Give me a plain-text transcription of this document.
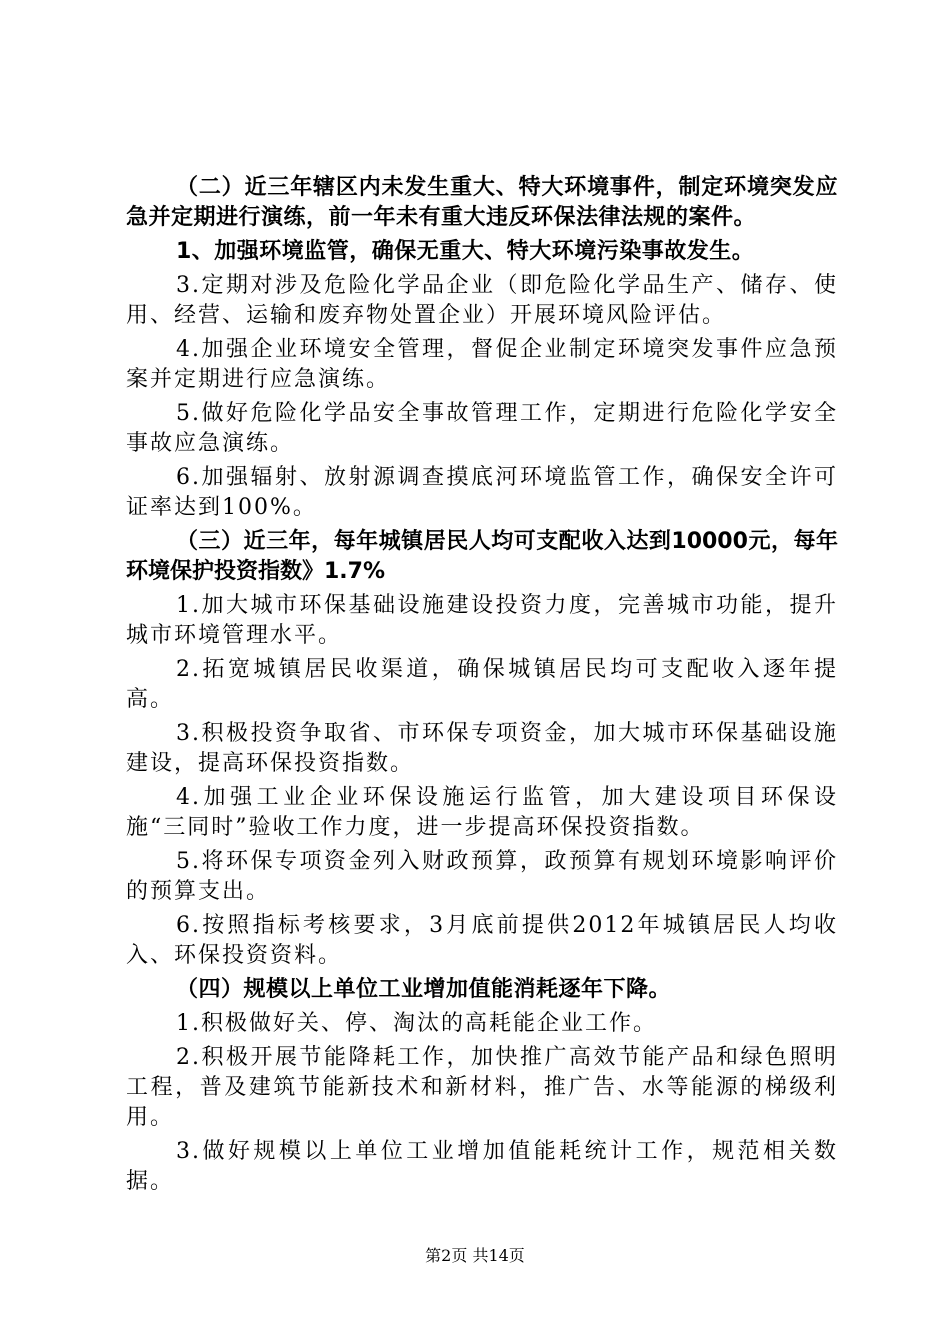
（二）近三年辖区内未发生重大、特大环境事件，制定环境突发应急并定期进行演练，前一年未有重大违反环保法律法规的案件。

1、加强环境监管，确保无重大、特大环境污染事故发生。

3.定期对涉及危险化学品企业（即危险化学品生产、储存、使用、经营、运输和废弃物处置企业）开展环境风险评估。

4.加强企业环境安全管理，督促企业制定环境突发事件应急预案并定期进行应急演练。

5.做好危险化学品安全事故管理工作，定期进行危险化学安全事故应急演练。

6.加强辐射、放射源调查摸底河环境监管工作，确保安全许可证率达到100%。

（三）近三年，每年城镇居民人均可支配收入达到10000元，每年环境保护投资指数》1.7%

1.加大城市环保基础设施建设投资力度，完善城市功能，提升城市环境管理水平。

2.拓宽城镇居民收渠道，确保城镇居民均可支配收入逐年提高。

3.积极投资争取省、市环保专项资金，加大城市环保基础设施建设，提高环保投资指数。

4.加强工业企业环保设施运行监管，加大建设项目环保设施“三同时”验收工作力度，进一步提高环保投资指数。

5.将环保专项资金列入财政预算，政预算有规划环境影响评价的预算支出。

6.按照指标考核要求，3月底前提供2012年城镇居民人均收入、环保投资资料。

（四）规模以上单位工业增加值能消耗逐年下降。

1.积极做好关、停、淘汰的高耗能企业工作。

2.积极开展节能降耗工作，加快推广高效节能产品和绿色照明工程，普及建筑节能新技术和新材料，推广告、水等能源的梯级利用。

3.做好规模以上单位工业增加值能耗统计工作，规范相关数据。

第2页 共14页
